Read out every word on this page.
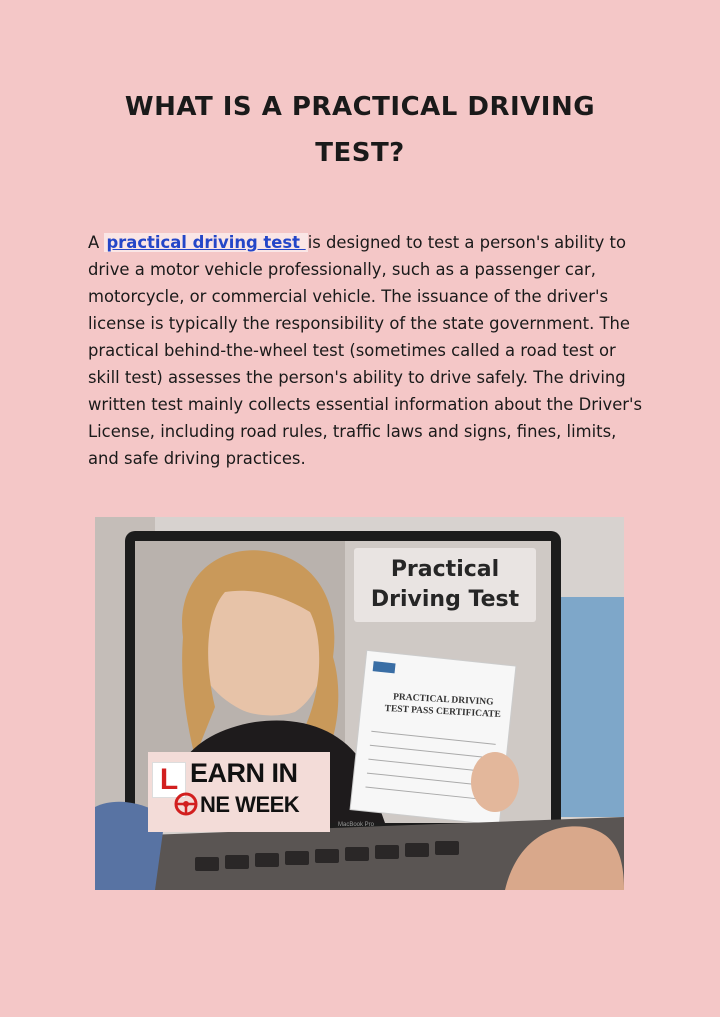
WHAT IS A PRACTICAL DRIVING
TEST?

A practical driving test is designed to test a person's ability to drive a motor vehicle professionally, such as a passenger car, motorcycle, or commercial vehicle. The issuance of the driver's license is typically the responsibility of the state government. The practical behind-the-wheel test (sometimes called a road test or skill test) assesses the person's ability to drive safely. The driving written test mainly collects essential information about the Driver's License, including road rules, traffic laws and signs, fines, limits, and safe driving practices.

Practical
Driving Test
PRACTICAL DRIVING
TEST PASS CERTIFICATE
L EARN IN
NE WEEK
MacBook Pro
